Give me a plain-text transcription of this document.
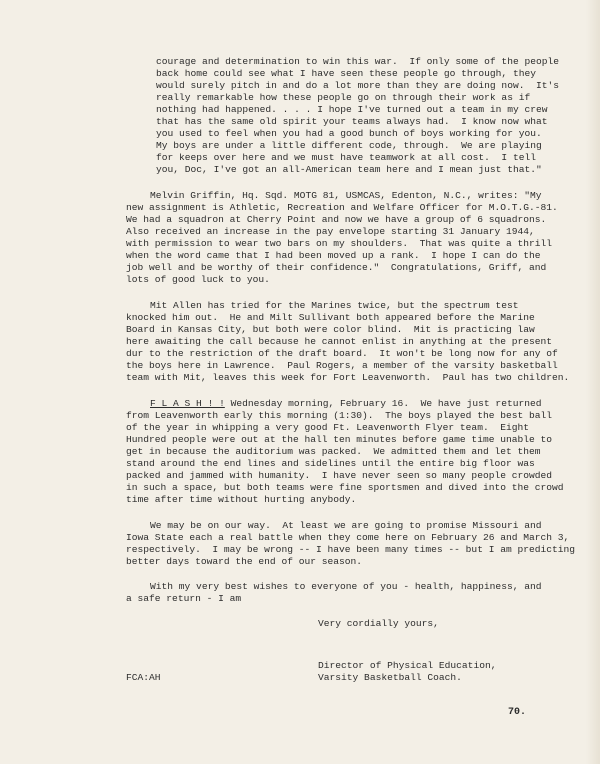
courage and determination to win this war.  If only some of the people
back home could see what I have seen these people go through, they
would surely pitch in and do a lot more than they are doing now.  It's
really remarkable how these people go on through their work as if
nothing had happened. . . . I hope I've turned out a team in my crew
that has the same old spirit your teams always had.  I know now what
you used to feel when you had a good bunch of boys working for you.
My boys are under a little different code, through.  We are playing
for keeps over here and we must have teamwork at all cost.  I tell
you, Doc, I've got an all-American team here and I mean just that."
Melvin Griffin, Hq. Sqd. MOTG 81, USMCAS, Edenton, N.C., writes: "My
new assignment is Athletic, Recreation and Welfare Officer for M.O.T.G.-81.
We had a squadron at Cherry Point and now we have a group of 6 squadrons.
Also received an increase in the pay envelope starting 31 January 1944,
with permission to wear two bars on my shoulders.  That was quite a thrill
when the word came that I had been moved up a rank.  I hope I can do the
job well and be worthy of their confidence."  Congratulations, Griff, and
lots of good luck to you.
Mit Allen has tried for the Marines twice, but the spectrum test
knocked him out.  He and Milt Sullivant both appeared before the Marine
Board in Kansas City, but both were color blind.  Mit is practicing law
here awaiting the call because he cannot enlist in anything at the present
dur to the restriction of the draft board.  It won't be long now for any of
the boys here in Lawrence.  Paul Rogers, a member of the varsity basketball
team with Mit, leaves this week for Fort Leavenworth.  Paul has two children.
F L A S H ! ! Wednesday morning, February 16.  We have just returned
from Leavenworth early this morning (1:30).  The boys played the best ball
of the year in whipping a very good Ft. Leavenworth Flyer team.  Eight
Hundred people were out at the hall ten minutes before game time unable to
get in because the auditorium was packed.  We admitted them and let them
stand around the end lines and sidelines until the entire big floor was
packed and jammed with humanity.  I have never seen so many people crowded
in such a space, but both teams were fine sportsmen and dived into the crowd
time after time without hurting anybody.
We may be on our way.  At least we are going to promise Missouri and
Iowa State each a real battle when they come here on February 26 and March 3,
respectively.  I may be wrong -- I have been many times -- but I am predicting
better days toward the end of our season.
With my very best wishes to everyone of you - health, happiness, and
a safe return - I am
Very cordially yours,
Director of Physical Education,
Varsity Basketball Coach.
FCA:AH
70.
